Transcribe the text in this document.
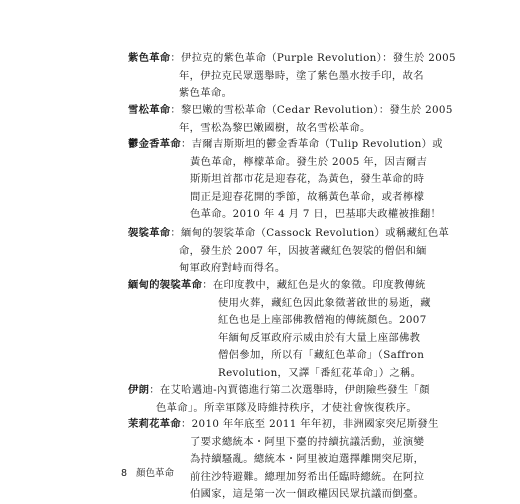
紫色革命：伊拉克的紫色革命（Purple Revolution）：發生於 2005
年，伊拉克民眾選舉時，塗了紫色墨水按手印，故名
紫色革命。
雪松革命：黎巴嫩的雪松革命（Cedar Revolution）：發生於 2005
年，雪松為黎巴嫩國樹，故名雪松革命。
鬱金香革命：吉爾吉斯斯坦的鬱金香革命（Tulip Revolution）或
黃色革命，檸檬革命。發生於 2005 年，因吉爾吉
斯斯坦首都市花是迎春花，為黃色，發生革命的時
間正是迎春花開的季節，故稱黃色革命，或者檸檬
色革命。2010 年 4 月 7 日，巴基耶夫政權被推翻！
袈裟革命：緬甸的袈裟革命（Cassock Revolution）或稱藏紅色革
命，發生於 2007 年，因披著藏紅色袈裟的僧侶和緬
甸軍政府對峙而得名。
緬甸的袈裟革命：在印度教中，藏紅色是火的象徵。印度教傳統
使用火葬，藏紅色因此象徵著啟世的易逝，藏
紅色也是上座部佛教僧袍的傳統顏色。2007
年緬甸反軍政府示威由於有大量上座部佛教
僧侶參加，所以有「藏紅色革命」（Saffron
Revolution，又譯「番紅花革命」）之稱。
伊朗：在艾哈邁迪-內賈德進行第二次選舉時，伊朗險些發生「顏
色革命」。所幸軍隊及時維持秩序，才使社會恢復秩序。
茉莉花革命：2010 年年底至 2011 年年初，非洲國家突尼斯發生
了要求總統本・阿里下臺的持續抗議活動，並演變
為持續騷亂。總統本・阿里被迫選擇離開突尼斯，
前往沙特避難。總理加努希出任臨時總統。在阿拉
伯國家，這是第一次一個政權因民眾抗議而倒臺。
8 顏色革命
